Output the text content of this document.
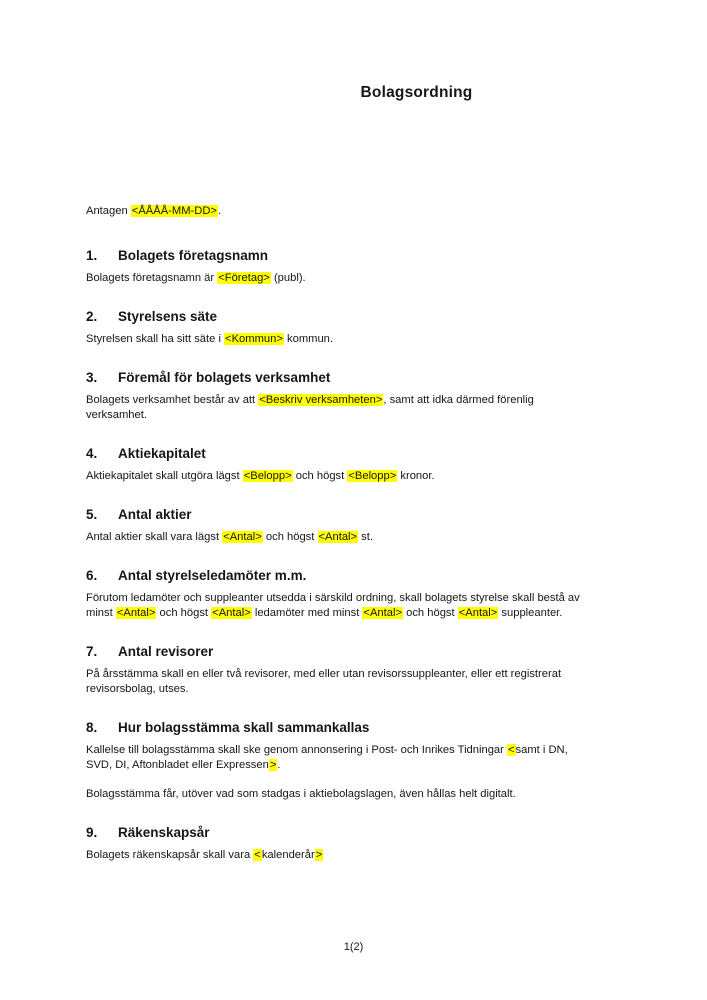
Bolagsordning

Antagen <ÅÅÅÅ-MM-DD>.

1. Bolagets företagsnamn

Bolagets företagsnamn är <Företag> (publ).

2. Styrelsens säte

Styrelsen skall ha sitt säte i <Kommun> kommun.

3. Föremål för bolagets verksamhet

Bolagets verksamhet består av att <Beskriv verksamheten>, samt att idka därmed förenlig
verksamhet.

4. Aktiekapitalet

Aktiekapitalet skall utgöra lägst <Belopp> och högst <Belopp> kronor.

5. Antal aktier

Antal aktier skall vara lägst <Antal> och högst <Antal> st.

6. Antal styrelseledamöter m.m.

Förutom ledamöter och suppleanter utsedda i särskild ordning, skall bolagets styrelse skall bestå av
minst <Antal> och högst <Antal> ledamöter med minst <Antal> och högst <Antal> suppleanter.

7. Antal revisorer

På årsstämma skall en eller två revisorer, med eller utan revisorssuppleanter, eller ett registrerat
revisorsbolag, utses.

8. Hur bolagsstämma skall sammankallas

Kallelse till bolagsstämma skall ske genom annonsering i Post- och Inrikes Tidningar <samt i DN,
SVD, DI, Aftonbladet eller Expressen>.

Bolagsstämma får, utöver vad som stadgas i aktiebolagslagen, även hållas helt digitalt.

9. Räkenskapsår

Bolagets räkenskapsår skall vara <kalenderår>

1(2)
